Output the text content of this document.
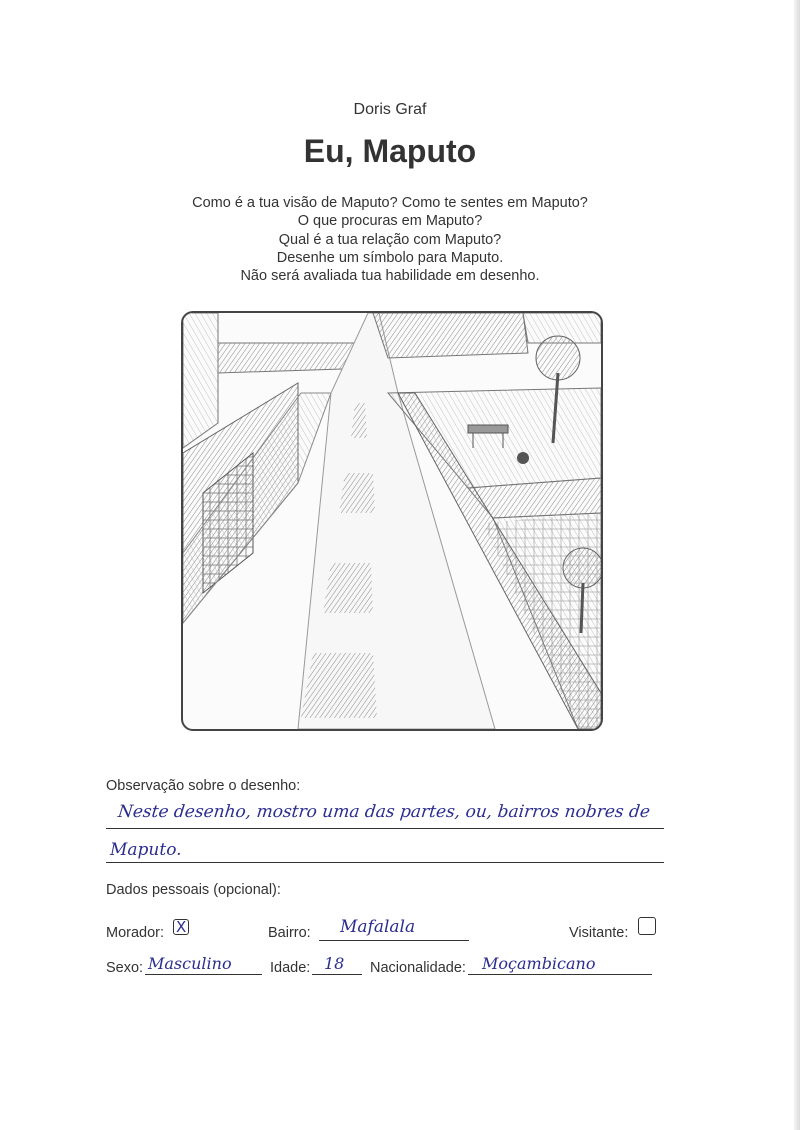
Doris Graf
Eu, Maputo
Como é a tua visão de Maputo? Como te sentes em Maputo?
O que procuras em Maputo?
Qual é a tua relação com Maputo?
Desenhe um símbolo para Maputo.
Não será avaliada tua habilidade em desenho.
Observação sobre o desenho:
Neste desenho, mostro uma das partes, ou, bairros nobres de
Maputo.
Dados pessoais (opcional):
Morador: X	Bairro: Mafalala	Visitante:
Sexo: Masculino	Idade: 18 Nacionalidade: Moçambicano
